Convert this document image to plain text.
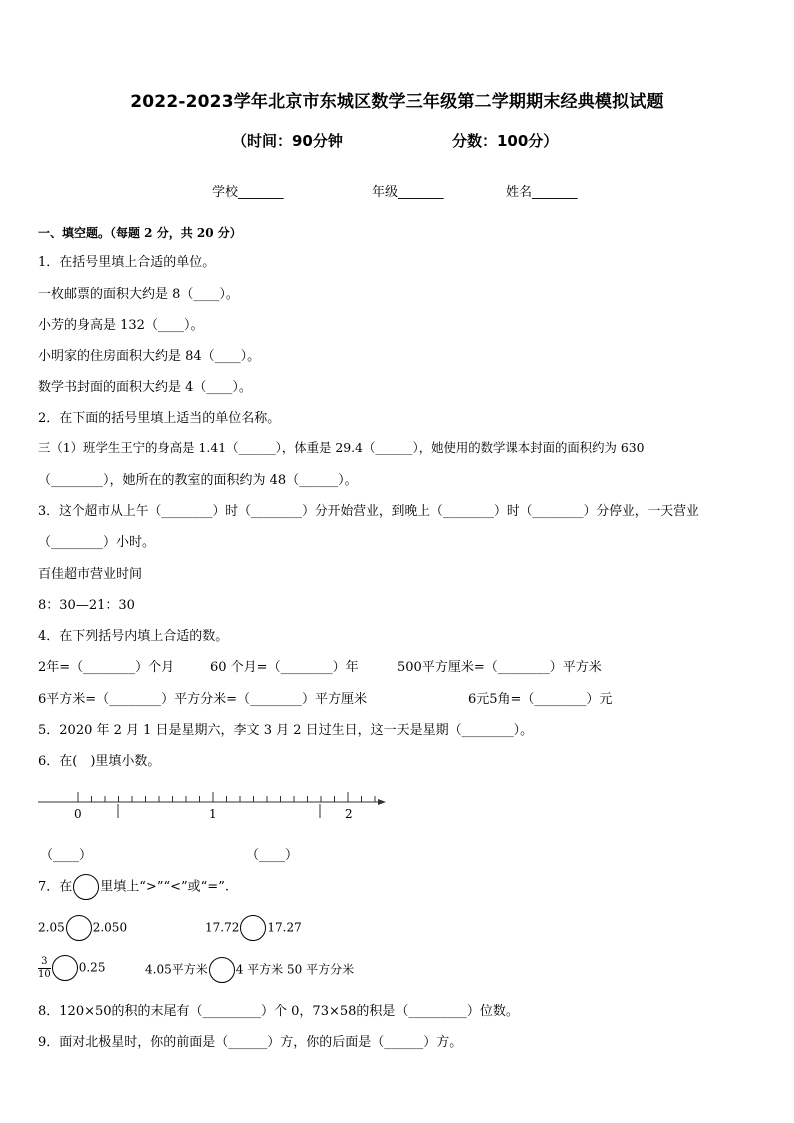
2022-2023学年北京市东城区数学三年级第二学期期末经典模拟试题
（时间：90分钟	分数：100分）
学校_______	年级_______	姓名_______
一、填空题。（每题 2 分，共 20 分）
1．在括号里填上合适的单位。
一枚邮票的面积大约是 8（____）。
小芳的身高是 132（____）。
小明家的住房面积大约是 84（____）。
数学书封面的面积大约是 4（____）。
2．在下面的括号里填上适当的单位名称。
三（1）班学生王宁的身高是 1.41（______），体重是 29.4（______），她使用的数学课本封面的面积约为 630
（________），她所在的教室的面积约为 48（______）。
3．这个超市从上午（________）时（________）分开始营业，到晚上（________）时（________）分停业，一天营业
（________）小时。
百佳超市营业时间
8：30—21：30
4．在下列括号内填上合适的数。
2年=（________）个月	60 个月=（________）年	500平方厘米=（________）平方米
6平方米=（________）平方分米=（________）平方厘米	6元5角=（________）元
5．2020 年 2 月 1 日是星期六，李文 3 月 2 日过生日，这一天是星期（________）。
6．在(　)里填小数。
0	1	2
（____）	（____）
7．在 里填上“>”“<”或“=”.
2.05 2.050	17.72 17.27
$\frac{3}{10} 0.25$	4.05平方米 4 平方米 50 平方分米
8．120×50的积的末尾有（_________）个 0，73×58的积是（_________）位数。
9．面对北极星时，你的前面是（______）方，你的后面是（______）方。
